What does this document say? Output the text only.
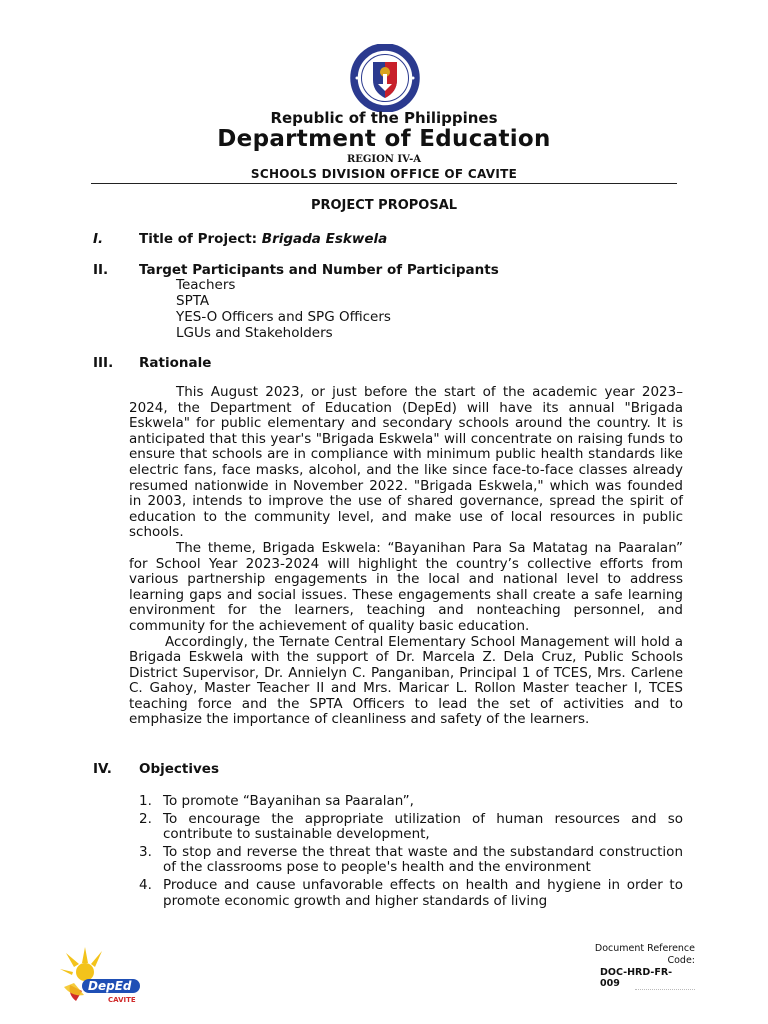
Republic of the Philippines
Department of Education
REGION IV-A
SCHOOLS DIVISION OFFICE OF CAVITE
PROJECT PROPOSAL
I.	Title of Project: Brigada Eskwela
II. Target Participants and Number of Participants
Teachers
SPTA
YES-O Officers and SPG Officers
LGUs and Stakeholders
III. Rationale

This August 2023, or just before the start of the academic year 2023–2024, the Department of Education (DepEd) will have its annual "Brigada Eskwela" for public elementary and secondary schools around the country. It is anticipated that this year's "Brigada Eskwela" will concentrate on raising funds to ensure that schools are in compliance with minimum public health standards like electric fans, face masks, alcohol, and the like since face-to-face classes already resumed nationwide in November 2022. "Brigada Eskwela," which was founded in 2003, intends to improve the use of shared governance, spread the spirit of education to the community level, and make use of local resources in public schools.

The theme, Brigada Eskwela: “Bayanihan Para Sa Matatag na Paaralan” for School Year 2023-2024 will highlight the country’s collective efforts from various partnership engagements in the local and national level to address learning gaps and social issues. These engagements shall create a safe learning environment for the learners, teaching and nonteaching personnel, and community for the achievement of quality basic education.

Accordingly, the Ternate Central Elementary School Management will hold a Brigada Eskwela with the support of Dr. Marcela Z. Dela Cruz, Public Schools District Supervisor, Dr. Annielyn C. Panganiban, Principal 1 of TCES, Mrs. Carlene C. Gahoy, Master Teacher II and Mrs. Maricar L. Rollon Master teacher I, TCES teaching force and the SPTA Officers to lead the set of activities and to emphasize the importance of cleanliness and safety of the learners.

IV. Objectives
1. To promote “Bayanihan sa Paaralan”,
2. To encourage the appropriate utilization of human resources and so contribute to sustainable development,
3. To stop and reverse the threat that waste and the substandard construction of the classrooms pose to people's health and the environment
4. Produce and cause unfavorable effects on health and hygiene in order to promote economic growth and higher standards of living
DepEd
CAVITE
Document Reference Code:
DOC-HRD-FR-009
